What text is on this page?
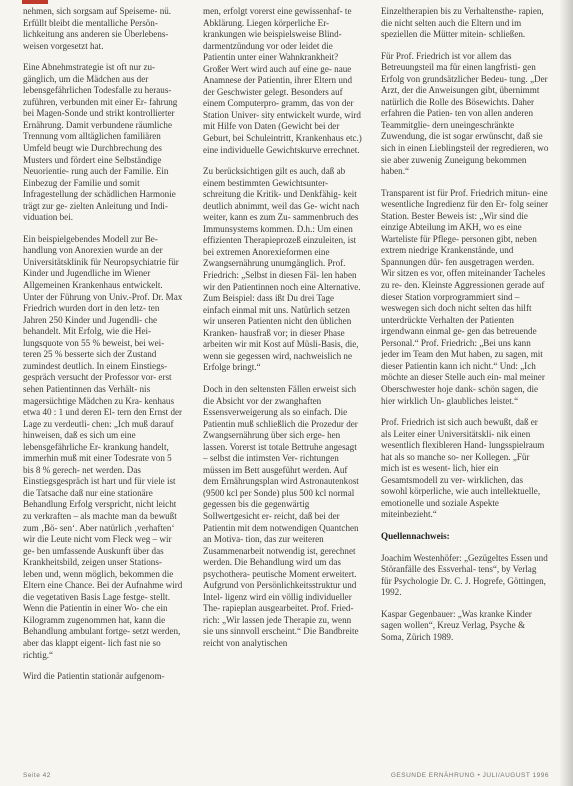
nehmen, sich sorgsam auf Speiseme- nü. Erfüllt bleibt die mentalliche Persön- lichkeitung ans anderen sie Überlebens- weisen vorgesetzt hat.

Eine Abnehmstrategie ist oft nur zu- gänglich, um die Mädchen aus der lebensgefährlichen Todesfalle zu heraus- zuführen, verbunden mit einer Er- fahrung bei Magen-Sonde und strikt kontrollierter Ernährung. Damit verbundene räumliche Trennung vom alltäglichen familiären Umfeld beugt wie Durchbrechung des Musters und fördert eine Selbständige Neuorientie- rung auch der Familie. Ein Einbezug der Familie und somit Infragestellung der schädlichen Harmonie trägt zur ge- zielten Anleitung und Indi- viduation bei.

Ein beispielgebendes Modell zur Be- handlung von Anorexien wurde an der Universitätsklinik für Neuropsychiatrie für Kinder und Jugendliche im Wiener Allgemeinen Krankenhaus entwickelt. Unter der Führung von Univ.-Prof. Dr. Max Friedrich wurden dort in den letz- ten Jahren 250 Kinder und Jugendli- che behandelt. Mit Erfolg, wie die Hei- lungsquote von 55 % beweist, bei wei- teren 25 % besserte sich der Zustand zumindest deutlich. In einem Einstiegs- gespräch versucht der Professor vor- erst sehen Patientinnen das Verhält- nis magersüchtige Mädchen zu Kra- kenhaus etwa 40 : 1 und deren El- tern den Ernst der Lage zu verdeutli- chen: „Ich muß darauf hinweisen, daß es sich um eine lebensgefährliche Er- krankung handelt, immerhin muß mit einer Todesrate von 5 bis 8 % gerech- net werden. Das Einstiegsgespräch ist hart und für viele ist die Tatsache daß nur eine stationäre Behandlung Erfolg verspricht, nicht leicht zu verkraften – als machte man da bewußt zum ‚Bö- sen‘. Aber natürlich ‚verhaften‘ wir die Leute nicht vom Fleck weg – wir ge- ben umfassende Auskunft über das Krankheitsbild, zeigen unser Stations- leben und, wenn möglich, bekommen die Eltern eine Chance. Bei der Aufnahme wird die vegetativen Basis Lage festge- stellt. Wenn die Patientin in einer Wo- che ein Kilogramm zugenommen hat, kann die Behandlung ambulant fortge- setzt werden, aber das klappt eigent- lich fast nie so richtig.“

Wird die Patientin stationär aufgenom-

men, erfolgt vorerst eine gewissenhaf- te Abklärung. Liegen körperliche Er- krankungen wie beispielsweise Blind- darmentzündung vor oder leidet die Patientin unter einer Wahnkrankheit? Großer Wert wird auch auf eine ge- naue Anamnese der Patientin, ihrer Eltern und der Geschwister gelegt. Besonders auf einem Computerpro- gramm, das von der Station Univer- sity entwickelt wurde, wird mit Hilfe von Daten (Gewicht bei der Geburt, bei Schuleintritt, Krankenhaus etc.) eine individuelle Gewichtskurve errechnet.

Zu berücksichtigen gilt es auch, daß ab einem bestimmten Gewichtsunter- schreitung die Kritik- und Denkfähig- keit deutlich abnimmt, weil das Ge- wicht nach weiter, kann es zum Zu- sammenbruch des Immunsystems kommen. D.h.: Um einen effizienten Therapieprozeß einzuleiten, ist bei extremen Anorexieformen eine Zwangsernährung unumgänglich. Prof. Friedrich: „Selbst in diesen Fäl- len haben wir den Patientinnen noch eine Alternative. Zum Beispiel: dass ißt Du drei Tage einfach einmal mit uns. Natürlich setzen wir unseren Patienten nicht den üblichen Kranken- hausfraß vor; in dieser Phase arbeiten wir mit Kost auf Müsli-Basis, die, wenn sie gegessen wird, nachweislich ne Erfolge bringt.“

Doch in den seltensten Fällen erweist sich die Absicht vor der zwanghaften Essensverweigerung als so einfach. Die Patientin muß schließlich die Prozedur der Zwangsernährung über sich erge- hen lassen. Vorerst ist totale Bettruhe angesagt – selbst die intimsten Ver- richtungen müssen im Bett ausgeführt werden. Auf dem Ernährungsplan wird Astronautenkost (9500 kcl per Sonde) plus 500 kcl normal gegessen bis die gegenwärtig Sollwertgesicht er- reicht, daß bei der Patientin mit dem notwendigen Quantchen an Motiva- tion, das zur weiteren Zusammenarbeit notwendig ist, gerechnet werden. Die Behandlung wird um das psychothera- peutische Moment erweitert. Aufgrund von Persönlichkeitsstruktur und Intel- ligenz wird ein völlig individueller The- rapieplan ausgearbeitet. Prof. Fried- rich: „Wir lassen jede Therapie zu, wenn sie uns sinnvoll erscheint.“ Die Bandbreite reicht von analytischen

Einzeltherapien bis zu Verhaltensthe- rapien, die nicht selten auch die Eltern und im speziellen die Mütter mitein- schließen.

Für Prof. Friedrich ist vor allem das Betreuungsteil ma für einen langfristi- gen Erfolg von grundsätzlicher Bedeu- tung. „Der Arzt, der die Anweisungen gibt, übernimmt natürlich die Rolle des Bösewichts. Daher erfahren die Patien- ten von allen anderen Teammitglie- dern uneingeschränkte Zuwendung, die ist sogar erwünscht, daß sie sich in einen Lieblingsteil der regredieren, wo sie aber zuwenig Zuneigung bekommen haben.“

Transparent ist für Prof. Friedrich mitun- eine wesentliche Ingredienz für den Er- folg seiner Station. Bester Beweis ist: „Wir sind die einzige Abteilung im AKH, wo es eine Warteliste für Pflege- personen gibt, neben extrem niedrige Krankenstände, und Spannungen dür- fen ausgetragen werden. Wir sitzen es vor, offen miteinander Tacheles zu re- den. Kleinste Aggressionen gerade auf dieser Station vorprogrammiert sind – weswegen sich doch nicht selten das hilft unterdrückte Verhalten der Patienten irgendwann einmal ge- gen das betreuende Personal.“ Prof. Friedrich: „Bei uns kann jeder im Team den Mut haben, zu sagen, mit dieser Patientin kann ich nicht.“ Und: „Ich möchte an dieser Stelle auch ein- mal meiner Oberschwester hoje dank- schön sagen, die hier wirklich Un- glaubliches leistet.“

Prof. Friedrich ist sich auch bewußt, daß er als Leiter einer Universitätskli- nik einen wesentlich flexibleren Hand- lungsspielraum hat als so manche so- ner Kollegen. „Für mich ist es wesent- lich, hier ein Gesamtsmodell zu ver- wirklichen, das sowohl körperliche, wie auch intellektuelle, emotionelle und soziale Aspekte miteinbezieht.“

Quellennachweis:

Joachim Westenhöfer: „Gezügeltes Essen und Störanfälle des Essverhal- tens“, by Verlag für Psychologie Dr. C. J. Hogrefe, Göttingen, 1992.

Kaspar Gegenbauer: „Was kranke Kinder sagen wollen“, Kreuz Verlag, Psyche & Soma, Zürich 1989.

Seite 42	GESUNDE ERNÄHRUNG • JULI/AUGUST 1996
